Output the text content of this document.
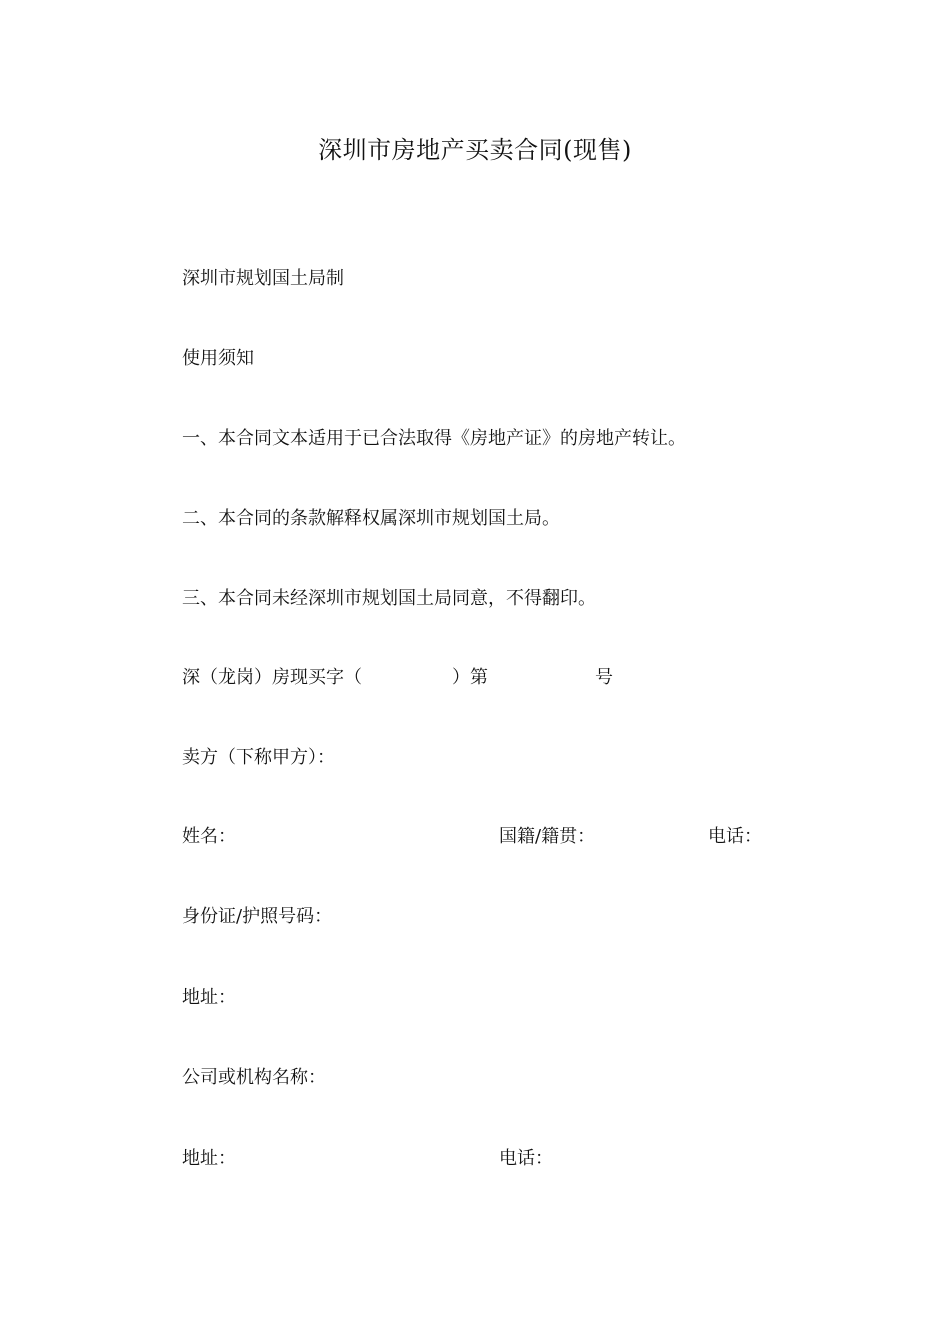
深圳市房地产买卖合同(现售)
深圳市规划国土局制
使用须知
一、本合同文本适用于已合法取得《房地产证》的房地产转让。
二、本合同的条款解释权属深圳市规划国土局。
三、本合同未经深圳市规划国土局同意，不得翻印。
深（龙岗）房现买字（	）第	号
卖方（下称甲方）：
姓名：	国籍/籍贯：	电话：
身份证/护照号码：
地址：
公司或机构名称：
地址：	电话：
